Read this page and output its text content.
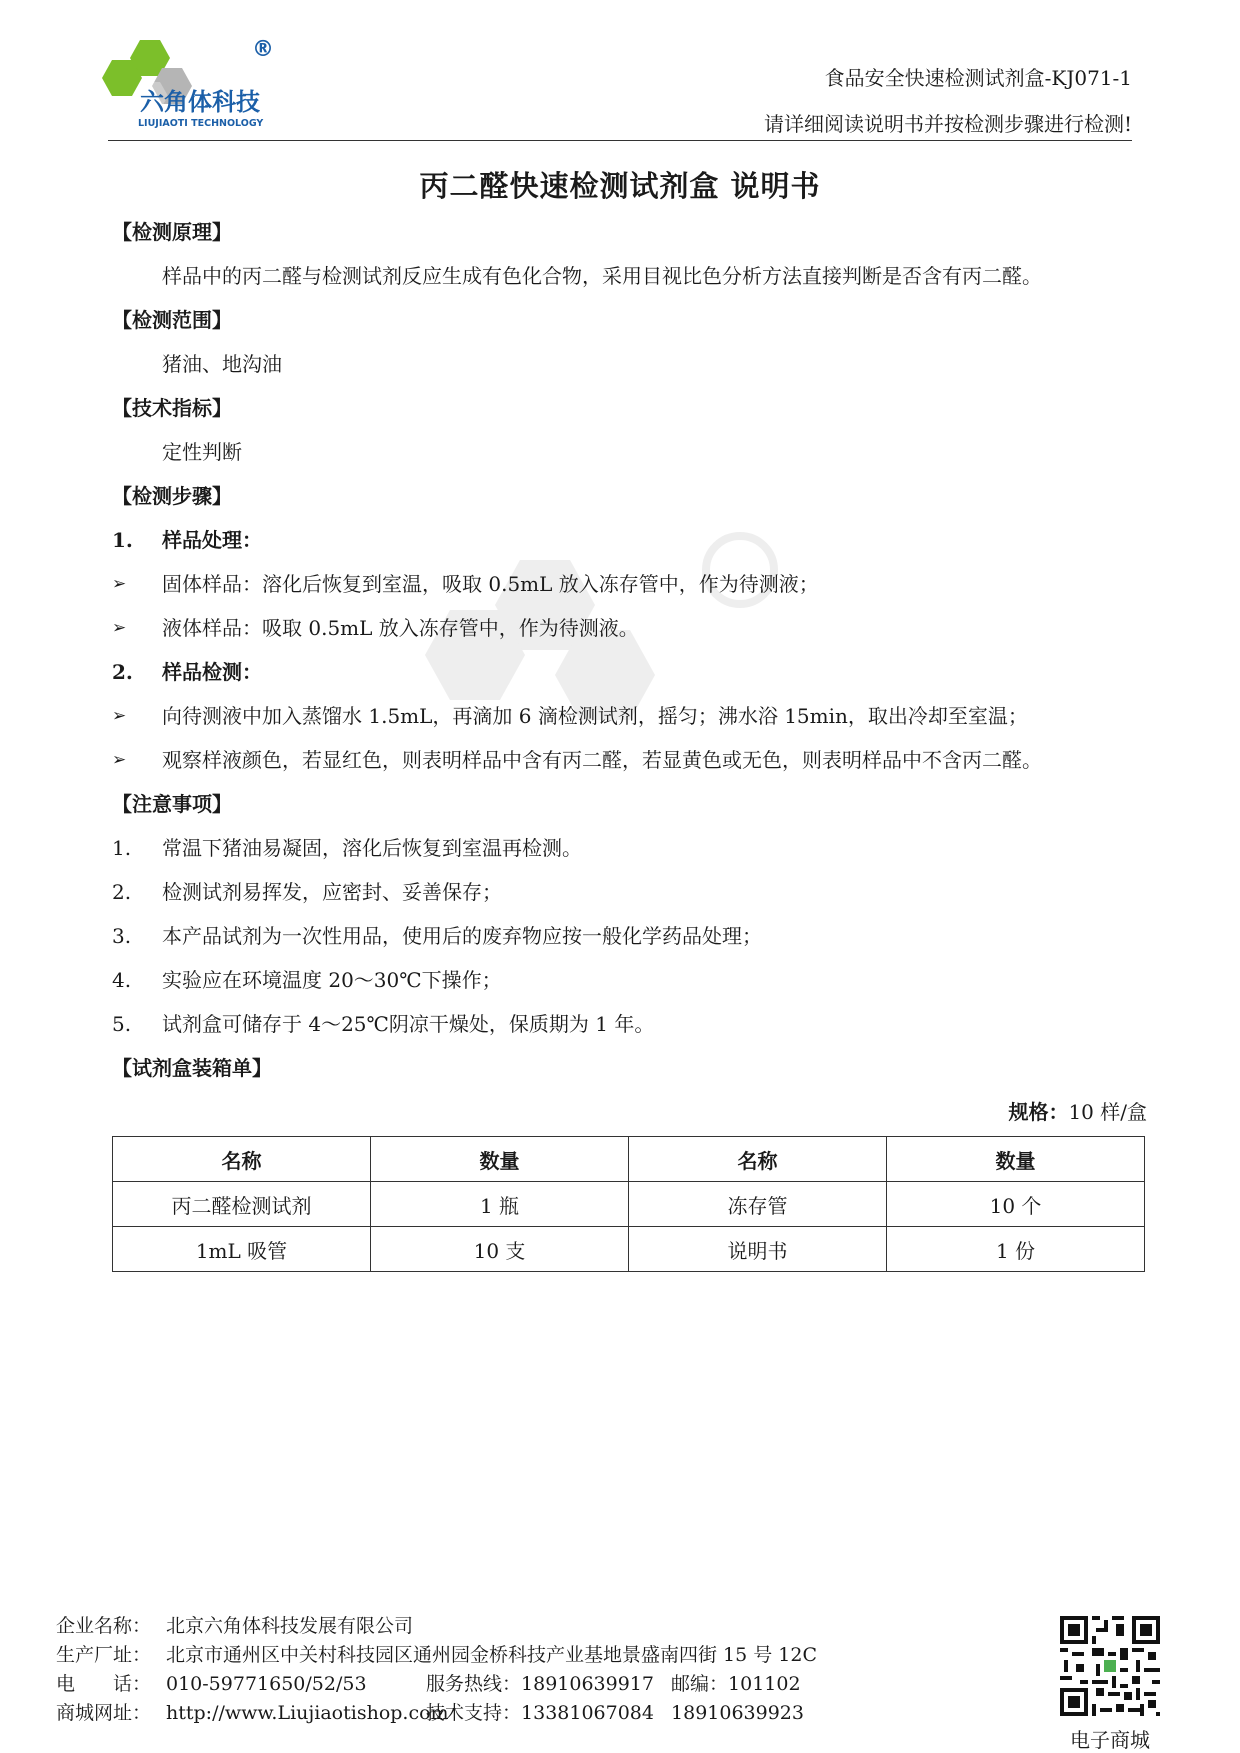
®
六角体科技
LIUJIAOTI TECHNOLOGY
食品安全快速检测试剂盒-KJ071-1
请详细阅读说明书并按检测步骤进行检测!
丙二醛快速检测试剂盒 说明书
【检测原理】
样品中的丙二醛与检测试剂反应生成有色化合物，采用目视比色分析方法直接判断是否含有丙二醛。
【检测范围】
猪油、地沟油
【技术指标】
定性判断
【检测步骤】
1.	样品处理：
➢	固体样品：溶化后恢复到室温，吸取 0.5mL 放入冻存管中，作为待测液；
➢	液体样品：吸取 0.5mL 放入冻存管中，作为待测液。
2.	样品检测：
➢	向待测液中加入蒸馏水 1.5mL，再滴加 6 滴检测试剂，摇匀；沸水浴 15min，取出冷却至室温；
➢	观察样液颜色，若显红色，则表明样品中含有丙二醛，若显黄色或无色，则表明样品中不含丙二醛。
【注意事项】
1.	常温下猪油易凝固，溶化后恢复到室温再检测。
2.	检测试剂易挥发，应密封、妥善保存；
3.	本产品试剂为一次性用品，使用后的废弃物应按一般化学药品处理；
4.	实验应在环境温度 20～30℃下操作；
5.	试剂盒可储存于 4～25℃阴凉干燥处，保质期为 1 年。
【试剂盒装箱单】
规格：10 样/盒
名称	数量	名称	数量
丙二醛检测试剂	1 瓶	冻存管	10 个
1mL 吸管	10 支	说明书	1 份
企业名称： 北京六角体科技发展有限公司
生产厂址： 北京市通州区中关村科技园区通州园金桥科技产业基地景盛南四街 15 号 12C
电　　话： 010-59771650/52/53	服务热线： 18910639917 邮编： 101102
商城网址： http://www.Liujiaotishop.com
技术支持： 13381067084 18910639923
电子商城
